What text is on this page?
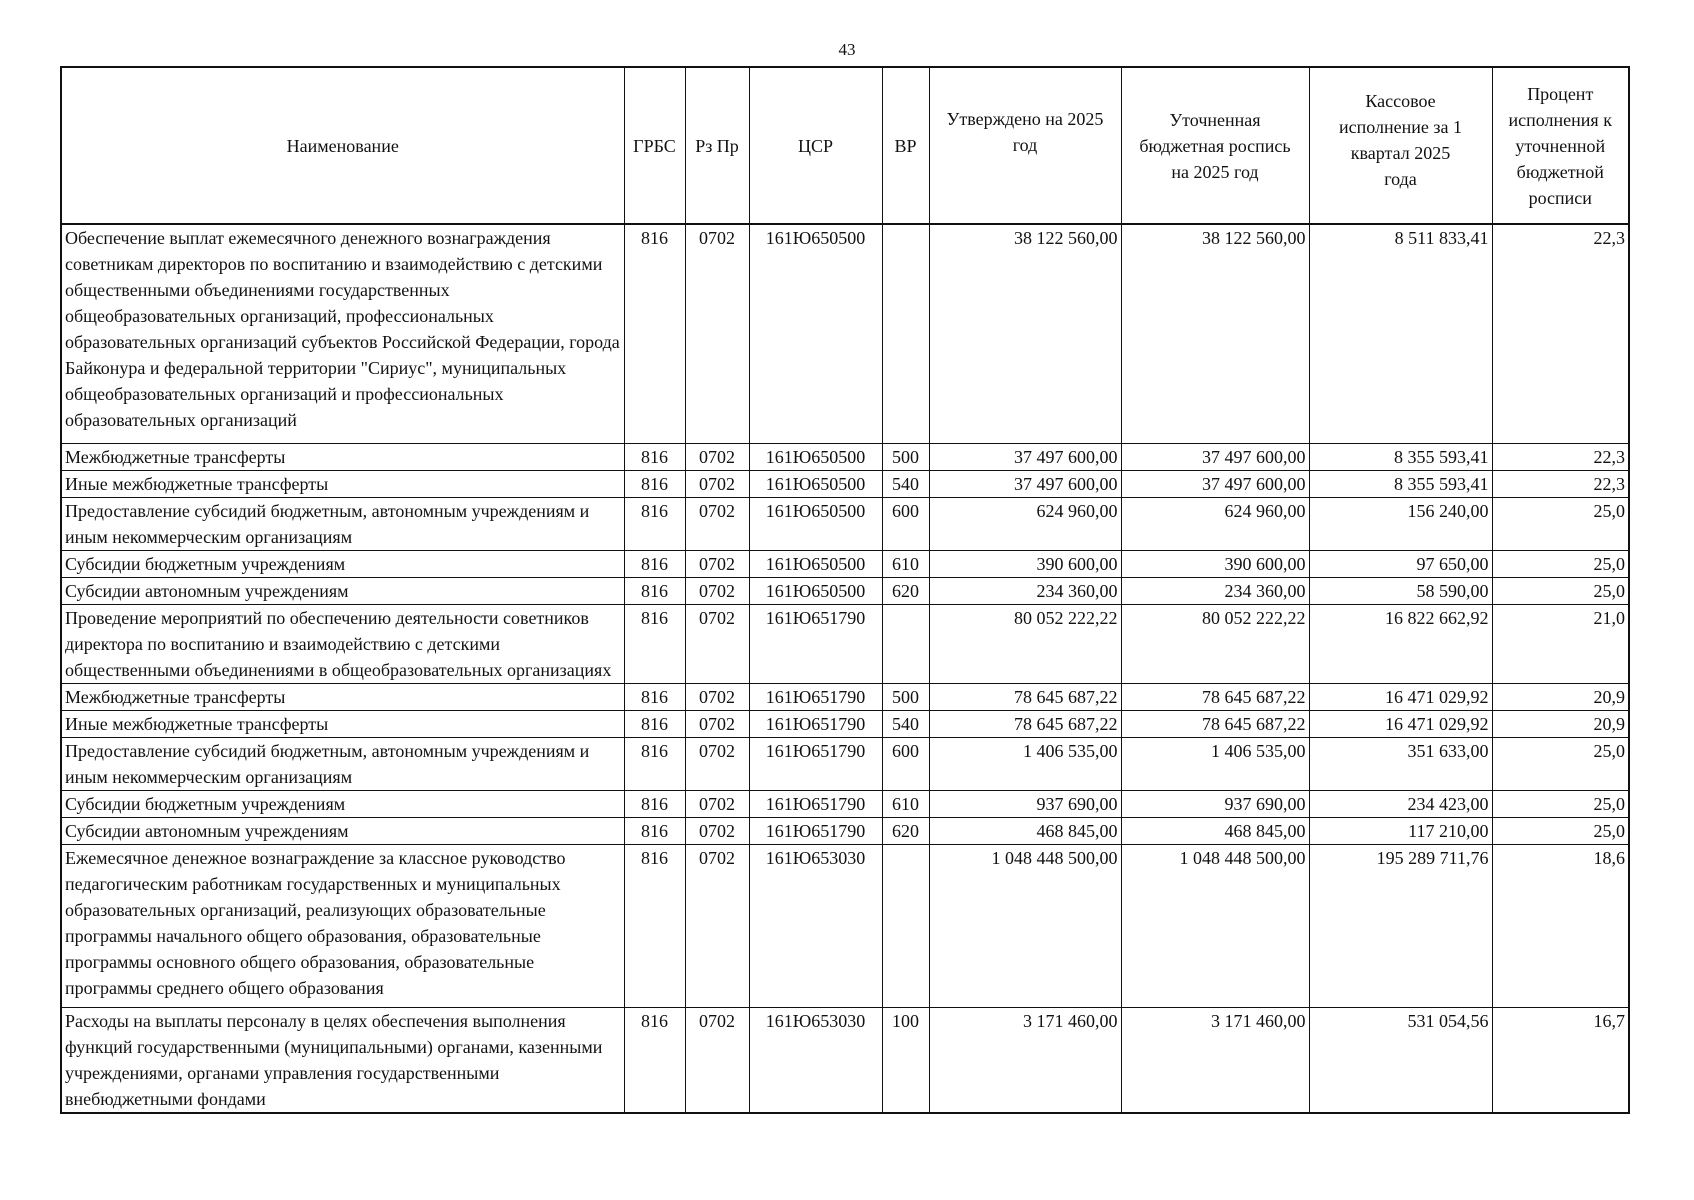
43
Наименование	ГРБС	Рз Пр	ЦСР	ВР	Утверждено на 2025 год	Уточненная бюджетная роспись на 2025 год	Кассовое исполнение за 1 квартал 2025 года	Процент исполнения к уточненной бюджетной росписи
Обеспечение выплат ежемесячного денежного вознаграждения советникам директоров по воспитанию и взаимодействию с детскими общественными объединениями государственных общеобразовательных организаций, профессиональных образовательных организаций субъектов Российской Федерации, города Байконура и федеральной территории "Сириус", муниципальных общеобразовательных организаций и профессиональных образовательных организаций	816	0702	161Ю650500		38 122 560,00	38 122 560,00	8 511 833,41	22,3
Межбюджетные трансферты	816	0702	161Ю650500	500	37 497 600,00	37 497 600,00	8 355 593,41	22,3
Иные межбюджетные трансферты	816	0702	161Ю650500	540	37 497 600,00	37 497 600,00	8 355 593,41	22,3
Предоставление субсидий бюджетным, автономным учреждениям и иным некоммерческим организациям	816	0702	161Ю650500	600	624 960,00	624 960,00	156 240,00	25,0
Субсидии бюджетным учреждениям	816	0702	161Ю650500	610	390 600,00	390 600,00	97 650,00	25,0
Субсидии автономным учреждениям	816	0702	161Ю650500	620	234 360,00	234 360,00	58 590,00	25,0
Проведение мероприятий по обеспечению деятельности советников директора по воспитанию и взаимодействию с детскими общественными объединениями в общеобразовательных организациях	816	0702	161Ю651790		80 052 222,22	80 052 222,22	16 822 662,92	21,0
Межбюджетные трансферты	816	0702	161Ю651790	500	78 645 687,22	78 645 687,22	16 471 029,92	20,9
Иные межбюджетные трансферты	816	0702	161Ю651790	540	78 645 687,22	78 645 687,22	16 471 029,92	20,9
Предоставление субсидий бюджетным, автономным учреждениям и иным некоммерческим организациям	816	0702	161Ю651790	600	1 406 535,00	1 406 535,00	351 633,00	25,0
Субсидии бюджетным учреждениям	816	0702	161Ю651790	610	937 690,00	937 690,00	234 423,00	25,0
Субсидии автономным учреждениям	816	0702	161Ю651790	620	468 845,00	468 845,00	117 210,00	25,0
Ежемесячное денежное вознаграждение за классное руководство педагогическим работникам государственных и муниципальных образовательных организаций, реализующих образовательные программы начального общего образования, образовательные программы основного общего образования, образовательные программы среднего общего образования	816	0702	161Ю653030		1 048 448 500,00	1 048 448 500,00	195 289 711,76	18,6
Расходы на выплаты персоналу в целях обеспечения выполнения функций государственными (муниципальными) органами, казенными учреждениями, органами управления государственными внебюджетными фондами	816	0702	161Ю653030	100	3 171 460,00	3 171 460,00	531 054,56	16,7
